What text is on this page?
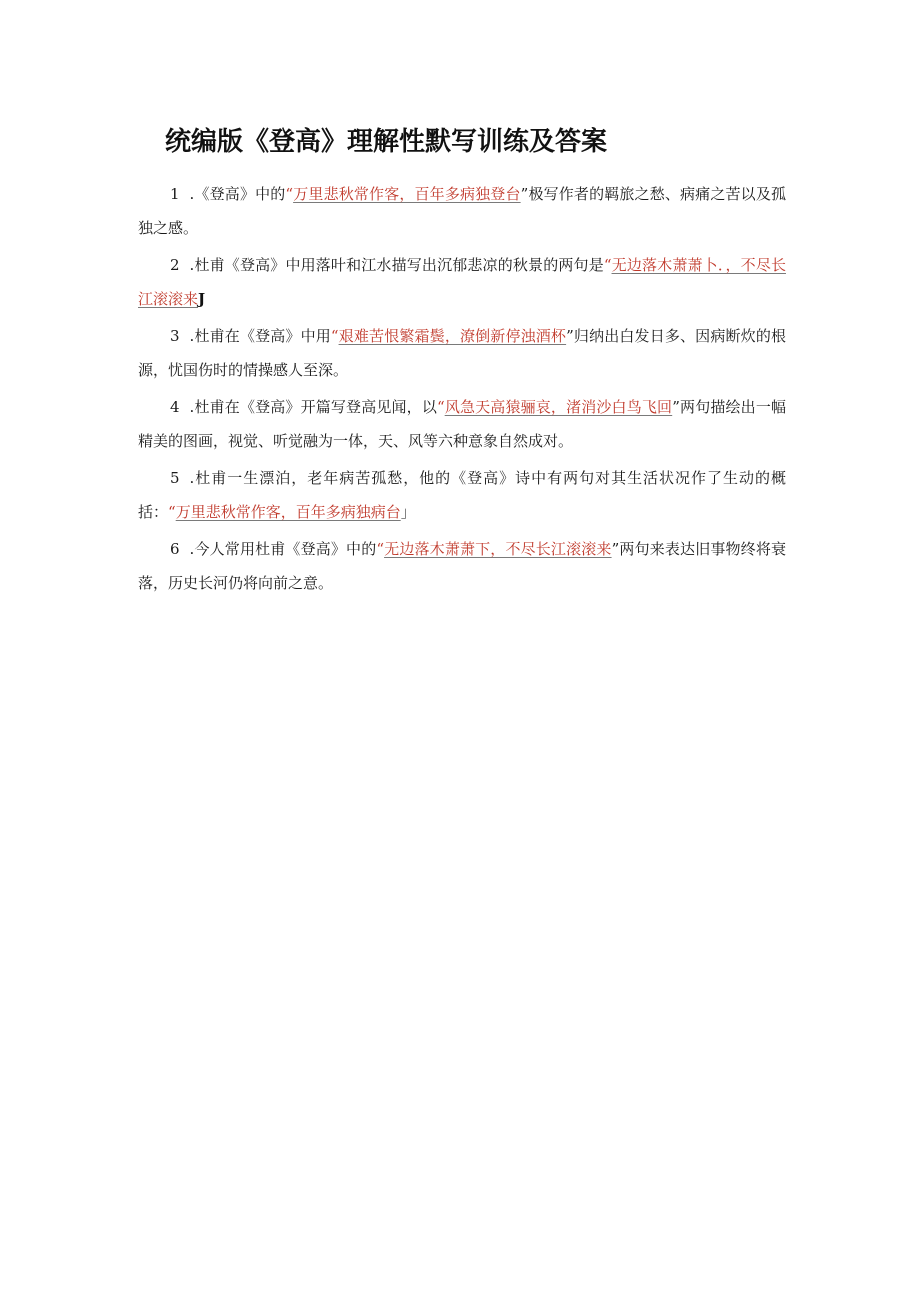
统编版《登高》理解性默写训练及答案

1 .《登高》中的“万里悲秋常作客，百年多病独登台”极写作者的羁旅之愁、病痛之苦以及孤独之感。

2 .杜甫《登高》中用落叶和江水描写出沉郁悲凉的秋景的两句是“无边落木萧萧卜．，不尽长江滚滚来J

3 .杜甫在《登高》中用“艰难苦恨繁霜鬓，潦倒新停浊酒杯”归纳出白发日多、因病断炊的根源，忧国伤时的情操感人至深。

4 .杜甫在《登高》开篇写登高见闻，以“风急天高猿骊哀，渚消沙白鸟飞回”两句描绘出一幅精美的图画，视觉、听觉融为一体，天、风等六种意象自然成对。

5 .杜甫一生漂泊，老年病苦孤愁，他的《登高》诗中有两句对其生活状况作了生动的概括：“万里悲秋常作客，百年多病独病台」

6 .今人常用杜甫《登高》中的“无边落木萧萧下，不尽长江滚滚来”两句来表达旧事物终将衰落，历史长河仍将向前之意。
